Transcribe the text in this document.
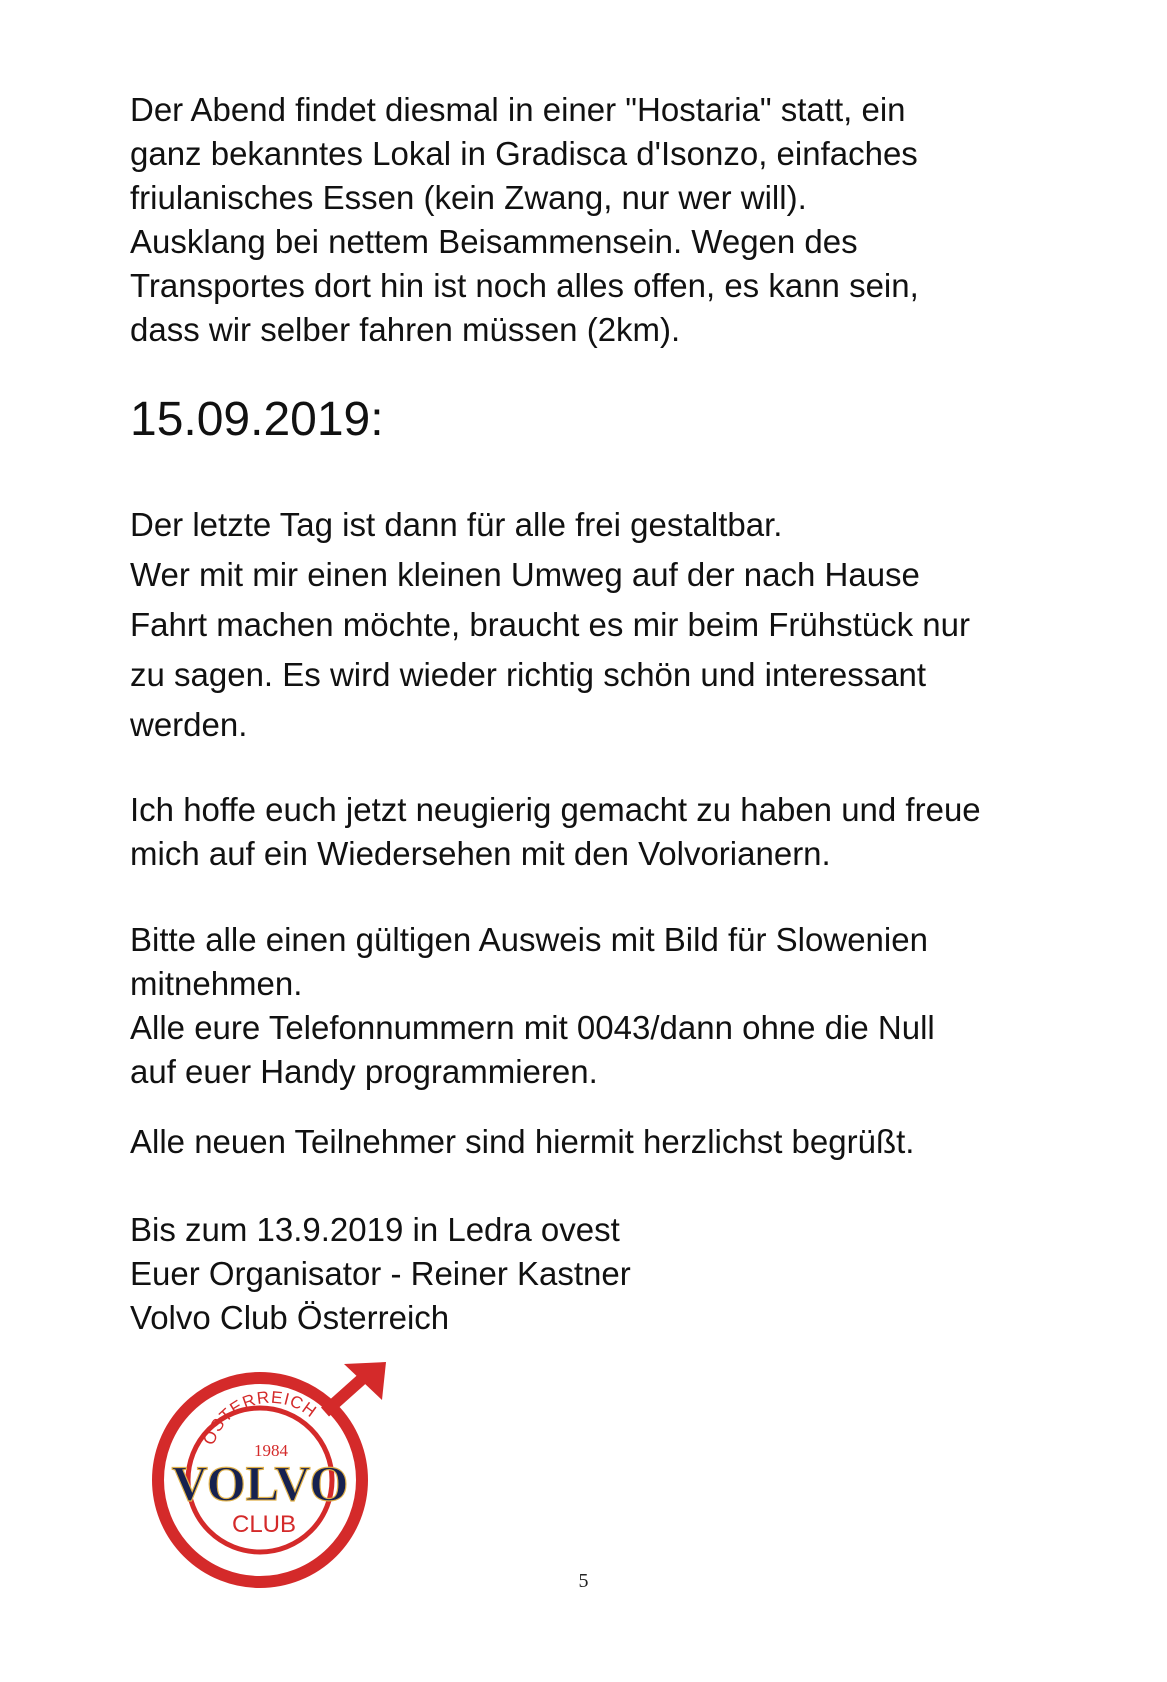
Der Abend findet diesmal in einer "Hostaria" statt, ein
ganz bekanntes Lokal in Gradisca d'Isonzo, einfaches
friulanisches Essen (kein Zwang, nur wer will).
Ausklang bei nettem Beisammensein. Wegen des
Transportes dort hin ist noch alles offen, es kann sein,
dass wir selber fahren müssen (2km).
15.09.2019:
Der letzte Tag ist dann für alle frei gestaltbar.
Wer mit mir einen kleinen Umweg auf der nach Hause
Fahrt machen möchte, braucht es mir beim Frühstück nur
zu sagen. Es wird wieder richtig schön und interessant
werden.
Ich hoffe euch jetzt neugierig gemacht zu haben und freue
mich auf ein Wiedersehen mit den Volvorianern.
Bitte alle einen gültigen Ausweis mit Bild für Slowenien
mitnehmen.
Alle eure Telefonnummern mit 0043/dann ohne die Null
auf euer Handy programmieren.
Alle neuen Teilnehmer sind hiermit herzlichst begrüßt.
Bis zum 13.9.2019 in Ledra ovest
Euer Organisator - Reiner Kastner
Volvo Club Österreich
ÖSTERREICH
1984
VOLVO
CLUB
5
